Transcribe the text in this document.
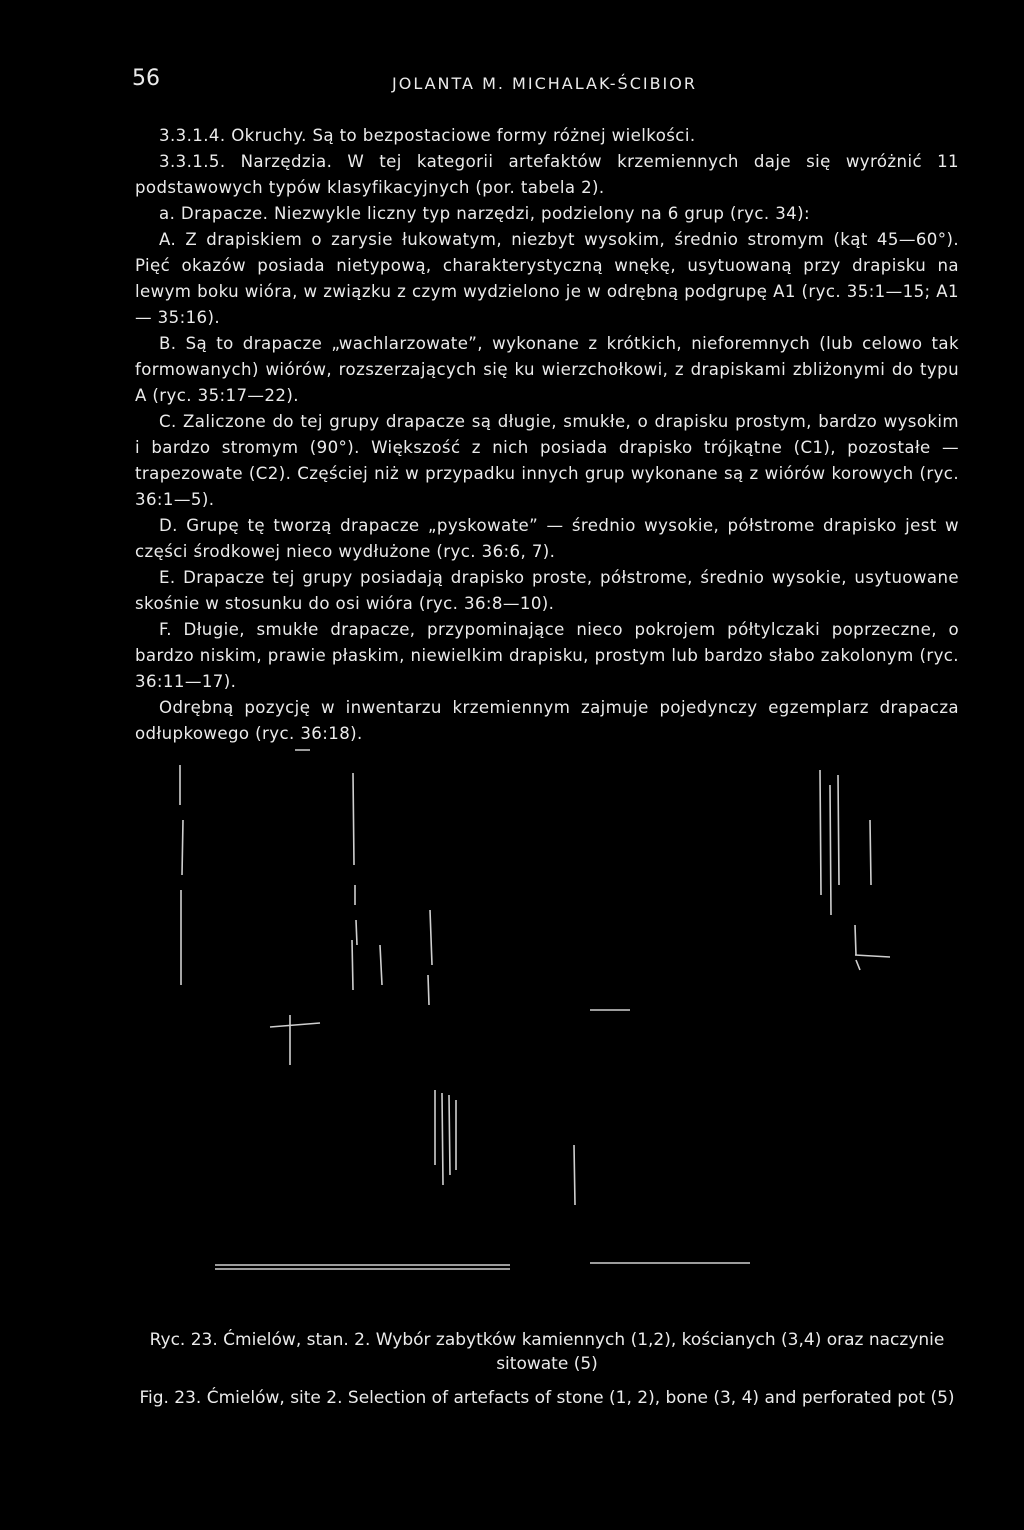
56	JOLANTA M. MICHALAK-ŚCIBIOR

3.3.1.4. Okruchy. Są to bezpostaciowe formy różnej wielkości.

3.3.1.5. Narzędzia. W tej kategorii artefaktów krzemiennych daje się wyróżnić 11 podstawowych typów klasyfikacyjnych (por. tabela 2).

a. Drapacze. Niezwykle liczny typ narzędzi, podzielony na 6 grup (ryc. 34):

A. Z drapiskiem o zarysie łukowatym, niezbyt wysokim, średnio stromym (kąt 45—60°). Pięć okazów posiada nietypową, charakterystyczną wnękę, usytuowaną przy drapisku na lewym boku wióra, w związku z czym wydzielono je w odrębną podgrupę A1 (ryc. 35:1—15; A1 — 35:16).

B. Są to drapacze „wachlarzowate”, wykonane z krótkich, nieforemnych (lub celowo tak formowanych) wiórów, rozszerzających się ku wierzchołkowi, z drapiskami zbliżonymi do typu A (ryc. 35:17—22).

C. Zaliczone do tej grupy drapacze są długie, smukłe, o drapisku prostym, bardzo wysokim i bardzo stromym (90°). Większość z nich posiada drapisko trójkątne (C1), pozostałe — trapezowate (C2). Częściej niż w przypadku innych grup wykonane są z wiórów korowych (ryc. 36:1—5).

D. Grupę tę tworzą drapacze „pyskowate” — średnio wysokie, półstrome drapisko jest w części środkowej nieco wydłużone (ryc. 36:6, 7).

E. Drapacze tej grupy posiadają drapisko proste, półstrome, średnio wysokie, usytuowane skośnie w stosunku do osi wióra (ryc. 36:8—10).

F. Długie, smukłe drapacze, przypominające nieco pokrojem półtylczaki poprzeczne, o bardzo niskim, prawie płaskim, niewielkim drapisku, prostym lub bardzo słabo zakolonym (ryc. 36:11—17).

Odrębną pozycję w inwentarzu krzemiennym zajmuje pojedynczy egzemplarz drapacza odłupkowego (ryc. 36:18).

Ryc. 23. Ćmielów, stan. 2. Wybór zabytków kamiennych (1,2), kościanych (3,4) oraz naczynie sitowate (5)

Fig. 23. Ćmielów, site 2. Selection of artefacts of stone (1, 2), bone (3, 4) and perforated pot (5)
